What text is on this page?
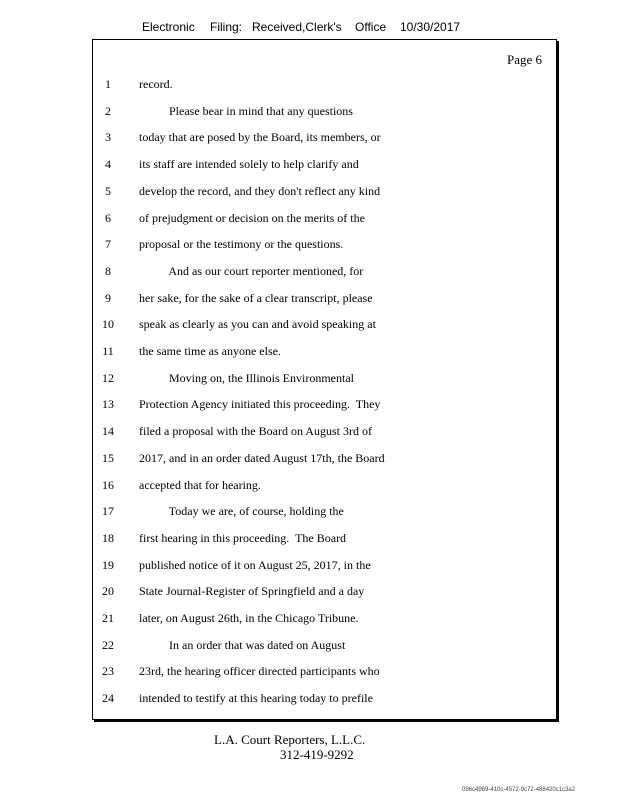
Electronic Filing: Received,Clerk's Office 10/30/2017
Page 6
1	record.
2	Please bear in mind that any questions
3	today that are posed by the Board, its members, or
4	its staff are intended solely to help clarify and
5	develop the record, and they don't reflect any kind
6	of prejudgment or decision on the merits of the
7	proposal or the testimony or the questions.
8	And as our court reporter mentioned, for
9	her sake, for the sake of a clear transcript, please
10	speak as clearly as you can and avoid speaking at
11	the same time as anyone else.
12	Moving on, the Illinois Environmental
13	Protection Agency initiated this proceeding.  They
14	filed a proposal with the Board on August 3rd of
15	2017, and in an order dated August 17th, the Board
16	accepted that for hearing.
17	Today we are, of course, holding the
18	first hearing in this proceeding.  The Board
19	published notice of it on August 25, 2017, in the
20	State Journal-Register of Springfield and a day
21	later, on August 26th, in the Chicago Tribune.
22	In an order that was dated on August
23	23rd, the hearing officer directed participants who
24	intended to testify at this hearing today to prefile
L.A. Court Reporters, L.L.C.
312-419-9292
096c4969-410c-4572-9c72-488420c1c3a2
